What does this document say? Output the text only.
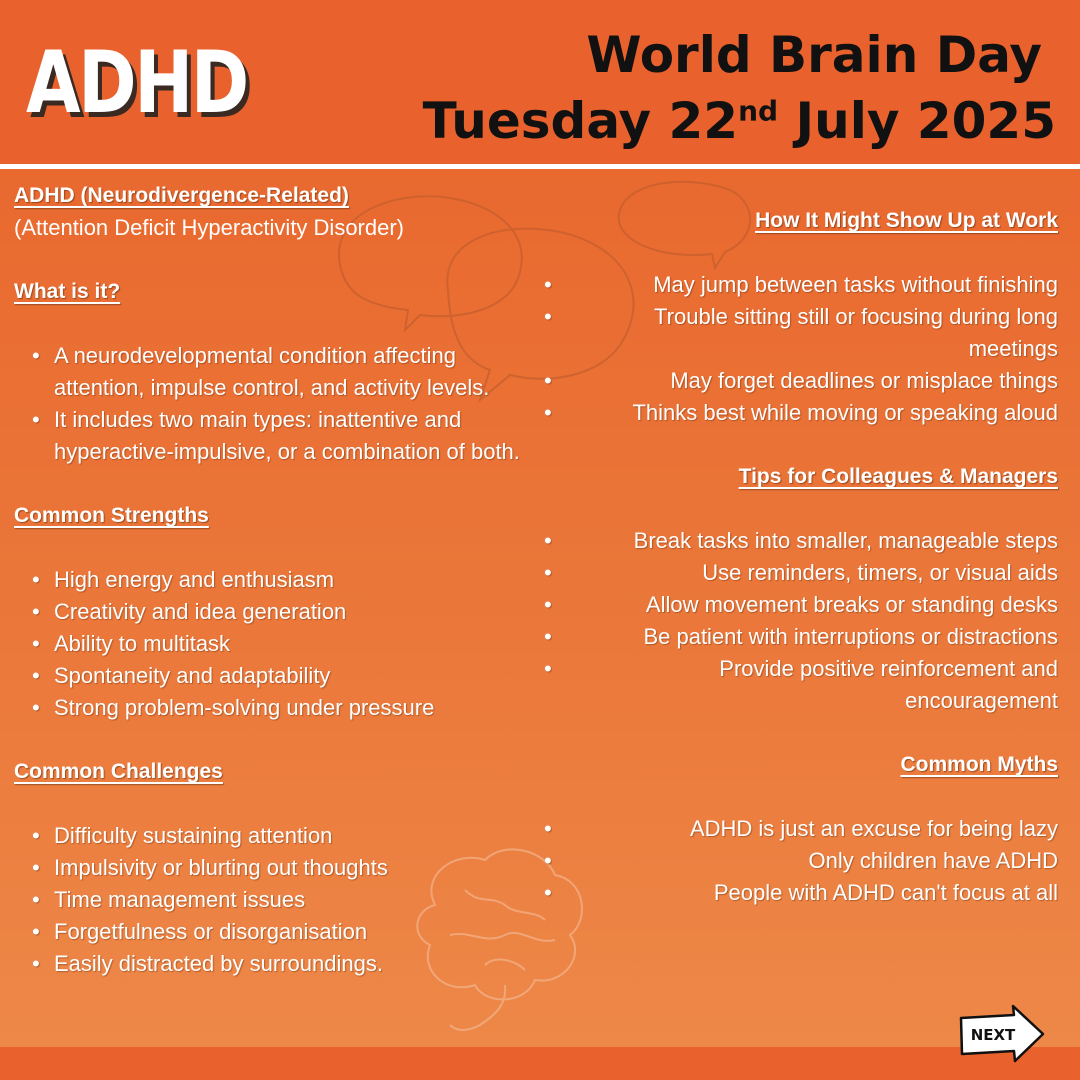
ADHD	World Brain Day
Tuesday 22nd July 2025
ADHD (Neurodivergence-Related)

(Attention Deficit Hyperactivity Disorder)

What is it?

• A neurodevelopmental condition affecting attention, impulse control, and activity levels.
• It includes two main types: inattentive and hyperactive-impulsive, or a combination of both.

Common Strengths

• High energy and enthusiasm
• Creativity and idea generation
• Ability to multitask
• Spontaneity and adaptability
• Strong problem-solving under pressure

Common Challenges

• Difficulty sustaining attention
• Impulsivity or blurting out thoughts
• Time management issues
• Forgetfulness or disorganisation
• Easily distracted by surroundings.
How It Might Show Up at Work

• May jump between tasks without finishing
• Trouble sitting still or focusing during long meetings
• May forget deadlines or misplace things
• Thinks best while moving or speaking aloud

Tips for Colleagues & Managers

• Break tasks into smaller, manageable steps
• Use reminders, timers, or visual aids
• Allow movement breaks or standing desks
• Be patient with interruptions or distractions
• Provide positive reinforcement and encouragement

Common Myths

• ADHD is just an excuse for being lazy
• Only children have ADHD
• People with ADHD can't focus at all
NEXT
